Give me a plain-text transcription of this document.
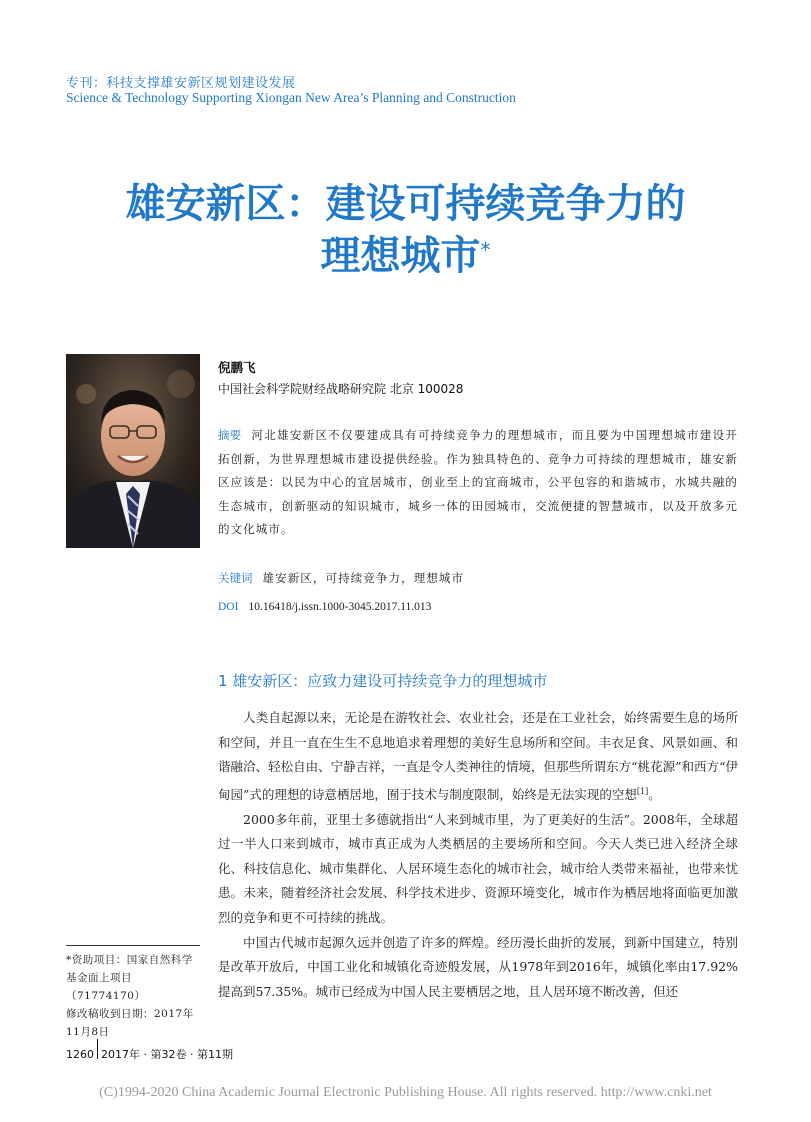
专刊：科技支撑雄安新区规划建设发展
Science & Technology Supporting Xiongan New Area’s Planning and Construction
雄安新区：建设可持续竞争力的
理想城市*
倪鹏飞
中国社会科学院财经战略研究院 北京 100028
摘要 河北雄安新区不仅要建成具有可持续竞争力的理想城市，而且要为中国理想城市建设开拓创新，为世界理想城市建设提供经验。作为独具特色的、竞争力可持续的理想城市，雄安新区应该是：以民为中心的宜居城市，创业至上的宜商城市，公平包容的和谐城市，水城共融的生态城市，创新驱动的知识城市，城乡一体的田园城市，交流便捷的智慧城市，以及开放多元的文化城市。
关键词 雄安新区，可持续竞争力，理想城市
DOI 10.16418/j.issn.1000-3045.2017.11.013
1 雄安新区：应致力建设可持续竞争力的理想城市

人类自起源以来，无论是在游牧社会、农业社会，还是在工业社会，始终需要生息的场所和空间，并且一直在生生不息地追求着理想的美好生息场所和空间。丰衣足食、风景如画、和谐融洽、轻松自由、宁静吉祥，一直是令人类神往的情境，但那些所谓东方“桃花源”和西方“伊甸园”式的理想的诗意栖居地，囿于技术与制度限制，始终是无法实现的空想[1]。

2000多年前，亚里士多德就指出“人来到城市里，为了更美好的生活”。2008年，全球超过一半人口来到城市，城市真正成为人类栖居的主要场所和空间。今天人类已进入经济全球化、科技信息化、城市集群化、人居环境生态化的城市社会，城市给人类带来福祉，也带来忧患。未来，随着经济社会发展、科学技术进步、资源环境变化，城市作为栖居地将面临更加激烈的竞争和更不可持续的挑战。

中国古代城市起源久远并创造了许多的辉煌。经历漫长曲折的发展，到新中国建立，特别是改革开放后，中国工业化和城镇化奇迹般发展，从1978年到2016年，城镇化率由17.92%提高到57.35%。城市已经成为中国人民主要栖居之地，且人居环境不断改善，但还

*资助项目：国家自然科学基金面上项目（71774170）

修改稿收到日期：2017年11月8日

1260 2017年 · 第32卷 · 第11期
(C)1994-2020 China Academic Journal Electronic Publishing House. All rights reserved. http://www.cnki.net
